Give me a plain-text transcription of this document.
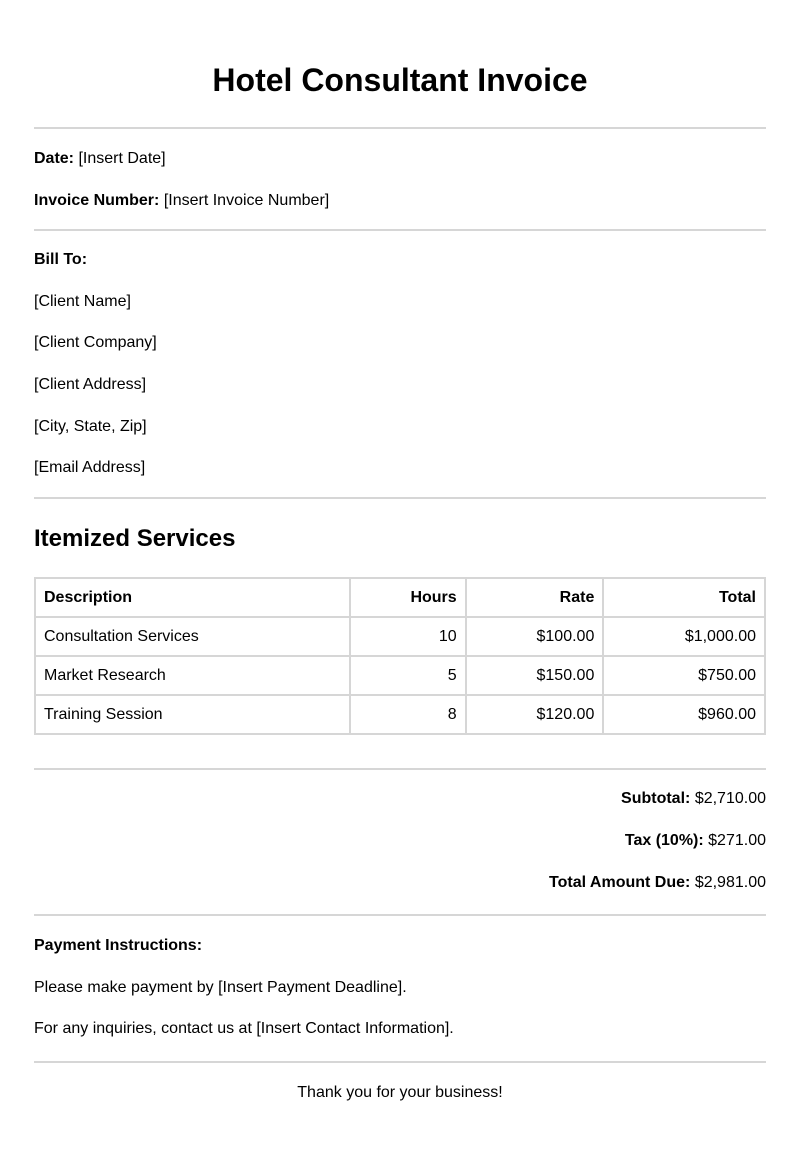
Hotel Consultant Invoice
Date: [Insert Date]
Invoice Number: [Insert Invoice Number]
Bill To:
[Client Name]
[Client Company]
[Client Address]
[City, State, Zip]
[Email Address]
Itemized Services
Description	Hours	Rate	Total
Consultation Services	10	$100.00	$1,000.00
Market Research	5	$150.00	$750.00
Training Session	8	$120.00	$960.00
Subtotal: $2,710.00
Tax (10%): $271.00
Total Amount Due: $2,981.00
Payment Instructions:
Please make payment by [Insert Payment Deadline].
For any inquiries, contact us at [Insert Contact Information].
Thank you for your business!
